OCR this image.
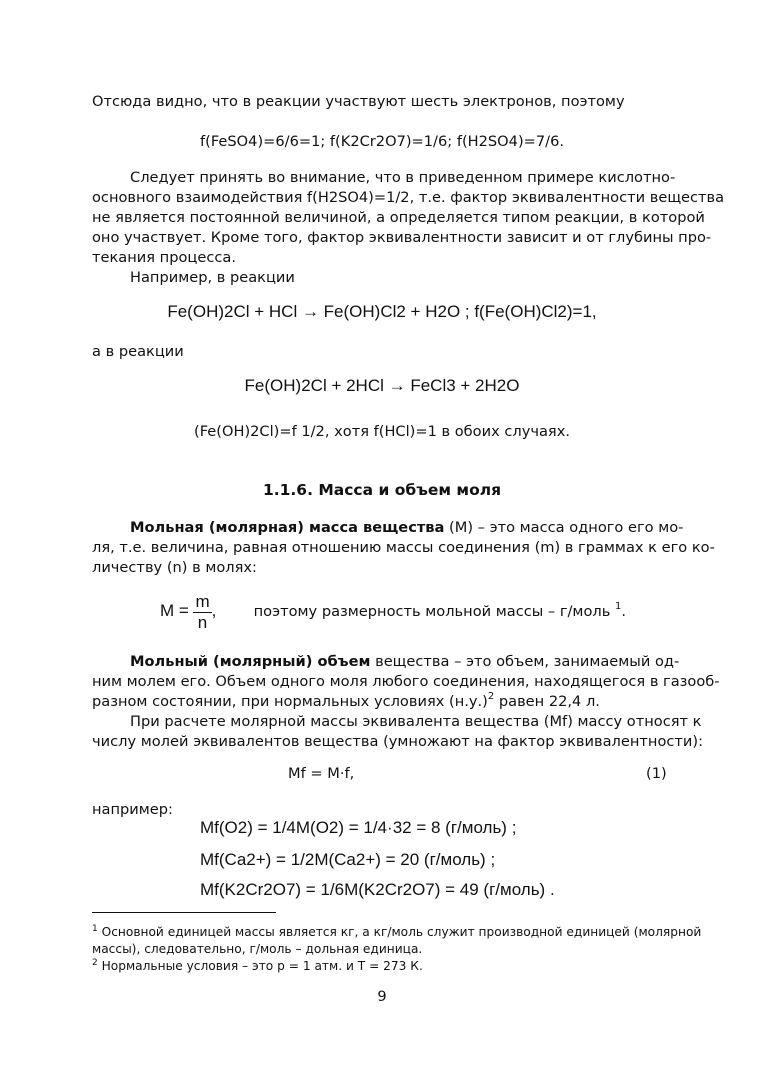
Отсюда видно, что в реакции участвуют шесть электронов, поэтому
f(FeSO4)=6/6=1; f(K2Cr2O7)=1/6; f(H2SO4)=7/6.
Следует принять во внимание, что в приведенном примере кислотно-
основного взаимодействия f(H2SO4)=1/2, т.е. фактор эквивалентности вещества
не является постоянной величиной, а определяется типом реакции, в которой
оно участвует. Кроме того, фактор эквивалентности зависит и от глубины про-
текания процесса.
Например, в реакции
Fe(OH)2Cl + HCl → Fe(OH)Cl2 + H2O ; f(Fe(OH)Cl2)=1,
а в реакции
Fe(OH)2Cl + 2HCl → FeCl3 + 2H2O
(Fe(OH)2Cl)=f 1/2, хотя f(HCl)=1 в обоих случаях.
1.1.6. Масса и объем моля
Мольная (молярная) масса вещества (M) – это масса одного его мо-
ля, т.е. величина, равная отношению массы соединения (m) в граммах к его ко-
личеству (n) в молях:
$M = \frac{m}{n}$ ,	поэтому размерность мольной массы – г/моль $^1$.
Мольный (молярный) объем вещества – это объем, занимаемый од-
ним молем его. Объем одного моля любого соединения, находящегося в газооб-
разном состоянии, при нормальных условиях $(н.у.)^2$ равен 22,4 л.
При расчете молярной массы эквивалента вещества (Mf) массу относят к
числу молей эквивалентов вещества (умножают на фактор эквивалентности):
Mf = M·f,	(1)
например:
Mf(O2) = 1/4M(O2) = 1/4·32 = 8 (г/моль) ;
Mf(Ca2+) = 1/2M(Ca2+) = 20 (г/моль) ;
Mf(K2Cr2O7) = 1/6M(K2Cr2O7) = 49 (г/моль) .
$^1$ Основной единицей массы является кг, а кг/моль служит производной единицей (молярной
массы), следовательно, г/моль – дольная единица.
$^2$ Нормальные условия – это p = 1 атм. и T = 273 К.
9
